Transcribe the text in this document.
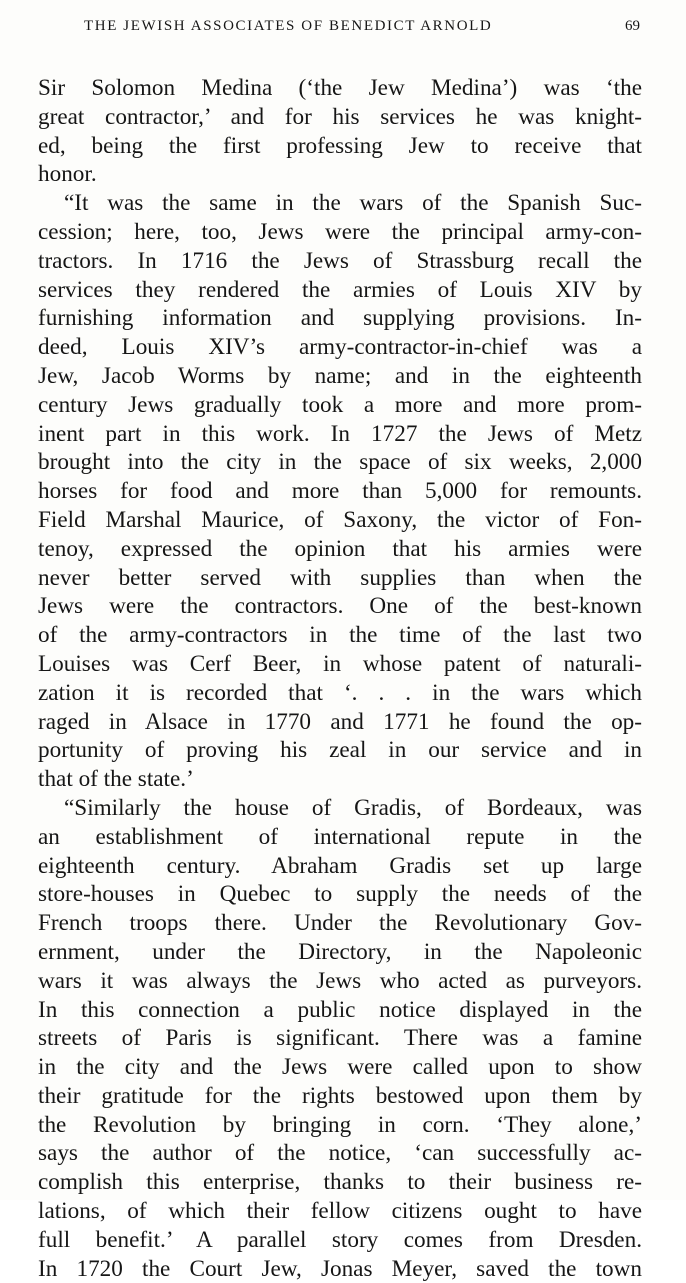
THE JEWISH ASSOCIATES OF BENEDICT ARNOLD	69
Sir Solomon Medina (‘the Jew Medina’) was ‘the
great contractor,’ and for his services he was knight-
ed, being the first professing Jew to receive that
honor.
“It was the same in the wars of the Spanish Suc-
cession; here, too, Jews were the principal army-con-
tractors. In 1716 the Jews of Strassburg recall the
services they rendered the armies of Louis XIV by
furnishing information and supplying provisions. In-
deed, Louis XIV’s army-contractor-in-chief was a
Jew, Jacob Worms by name; and in the eighteenth
century Jews gradually took a more and more prom-
inent part in this work. In 1727 the Jews of Metz
brought into the city in the space of six weeks, 2,000
horses for food and more than 5,000 for remounts.
Field Marshal Maurice, of Saxony, the victor of Fon-
tenoy, expressed the opinion that his armies were
never better served with supplies than when the
Jews were the contractors. One of the best-known
of the army-contractors in the time of the last two
Louises was Cerf Beer, in whose patent of naturali-
zation it is recorded that ‘. . . in the wars which
raged in Alsace in 1770 and 1771 he found the op-
portunity of proving his zeal in our service and in
that of the state.’
“Similarly the house of Gradis, of Bordeaux, was
an establishment of international repute in the
eighteenth century. Abraham Gradis set up large
store-houses in Quebec to supply the needs of the
French troops there. Under the Revolutionary Gov-
ernment, under the Directory, in the Napoleonic
wars it was always the Jews who acted as purveyors.
In this connection a public notice displayed in the
streets of Paris is significant. There was a famine
in the city and the Jews were called upon to show
their gratitude for the rights bestowed upon them by
the Revolution by bringing in corn. ‘They alone,’
says the author of the notice, ‘can successfully ac-
complish this enterprise, thanks to their business re-
lations, of which their fellow citizens ought to have
full benefit.’ A parallel story comes from Dresden.
In 1720 the Court Jew, Jonas Meyer, saved the town
